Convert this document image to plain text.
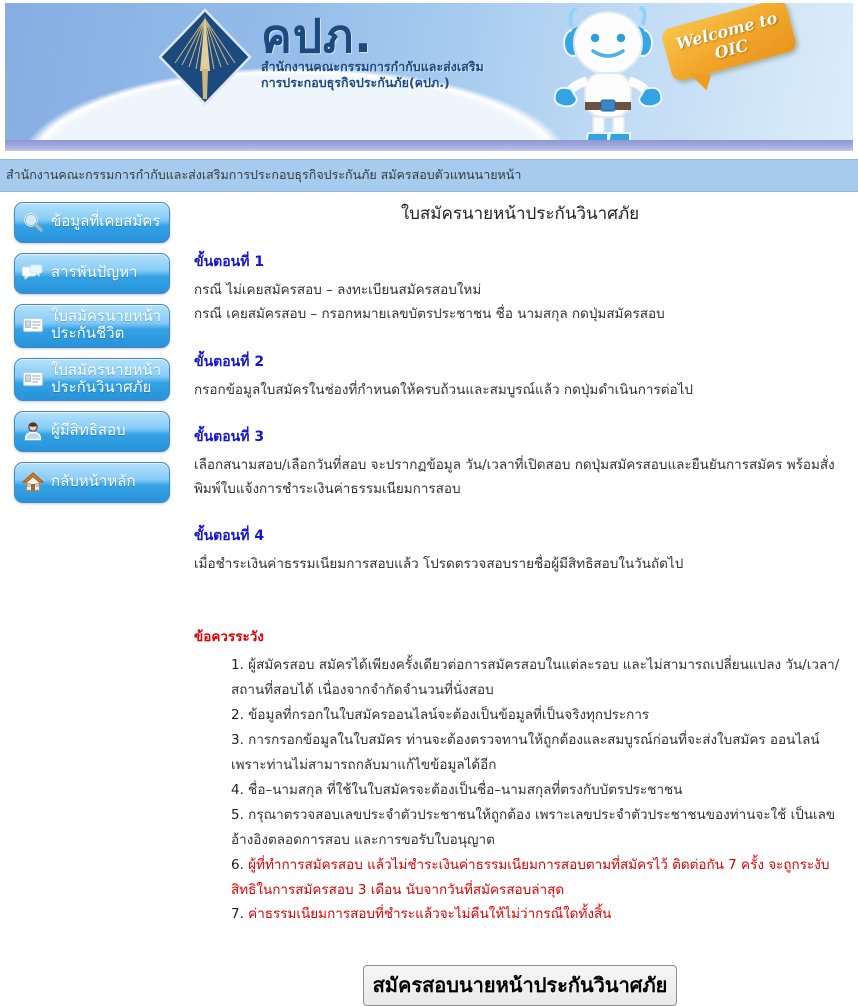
คปภ.
สำนักงานคณะกรรมการกำกับและส่งเสริม
การประกอบธุรกิจประกันภัย(คปภ.)
Welcome to OIC
สำนักงานคณะกรรมการกำกับและส่งเสริมการประกอบธุรกิจประกันภัย สมัครสอบตัวแทนนายหน้า
ข้อมูลที่เคยสมัคร
สารพันปัญหา
ใบสมัครนายหน้า ประกันชีวิต
ใบสมัครนายหน้า ประกันวินาศภัย
ผู้มีสิทธิสอบ
กลับหน้าหลัก
ใบสมัครนายหน้าประกันวินาศภัย
ขั้นตอนที่ 1
กรณี ไม่เคยสมัครสอบ – ลงทะเบียนสมัครสอบใหม่
กรณี เคยสมัครสอบ – กรอกหมายเลขบัตรประชาชน ชื่อ นามสกุล กดปุ่มสมัครสอบ
ขั้นตอนที่ 2
กรอกข้อมูลใบสมัครในช่องที่กำหนดให้ครบถ้วนและสมบูรณ์แล้ว กดปุ่มดำเนินการต่อไป
ขั้นตอนที่ 3
เลือกสนามสอบ/เลือกวันที่สอบ จะปรากฏข้อมูล วัน/เวลาที่เปิดสอบ กดปุ่มสมัครสอบและยืนยันการสมัคร พร้อมสั่งพิมพ์ใบแจ้งการชำระเงินค่าธรรมเนียมการสอบ
ขั้นตอนที่ 4
เมื่อชำระเงินค่าธรรมเนียมการสอบแล้ว โปรดตรวจสอบรายชื่อผู้มีสิทธิสอบในวันถัดไป
ข้อควรระวัง
1. ผู้สมัครสอบ สมัครได้เพียงครั้งเดียวต่อการสมัครสอบในแต่ละรอบ และไม่สามารถเปลี่ยนแปลง วัน/เวลา/สถานที่สอบได้ เนื่องจากจำกัดจำนวนที่นั่งสอบ
2. ข้อมูลที่กรอกในใบสมัครออนไลน์จะต้องเป็นข้อมูลที่เป็นจริงทุกประการ
3. การกรอกข้อมูลในใบสมัคร ท่านจะต้องตรวจทานให้ถูกต้องและสมบูรณ์ก่อนที่จะส่งใบสมัคร ออนไลน์เพราะท่านไม่สามารถกลับมาแก้ไขข้อมูลได้อีก
4. ชื่อ–นามสกุล ที่ใช้ในใบสมัครจะต้องเป็นชื่อ–นามสกุลที่ตรงกับบัตรประชาชน
5. กรุณาตรวจสอบเลขประจำตัวประชาชนให้ถูกต้อง เพราะเลขประจำตัวประชาชนของท่านจะใช้ เป็นเลขอ้างอิงตลอดการสอบ และการขอรับใบอนุญาต
6. ผู้ที่ทำการสมัครสอบ แล้วไม่ชำระเงินค่าธรรมเนียมการสอบตามที่สมัครไว้ ติดต่อกัน 7 ครั้ง จะถูกระงับสิทธิในการสมัครสอบ 3 เดือน นับจากวันที่สมัครสอบล่าสุด
7. ค่าธรรมเนียมการสอบที่ชำระแล้วจะไม่คืนให้ไม่ว่ากรณีใดทั้งสิ้น
สมัครสอบนายหน้าประกันวินาศภัย
